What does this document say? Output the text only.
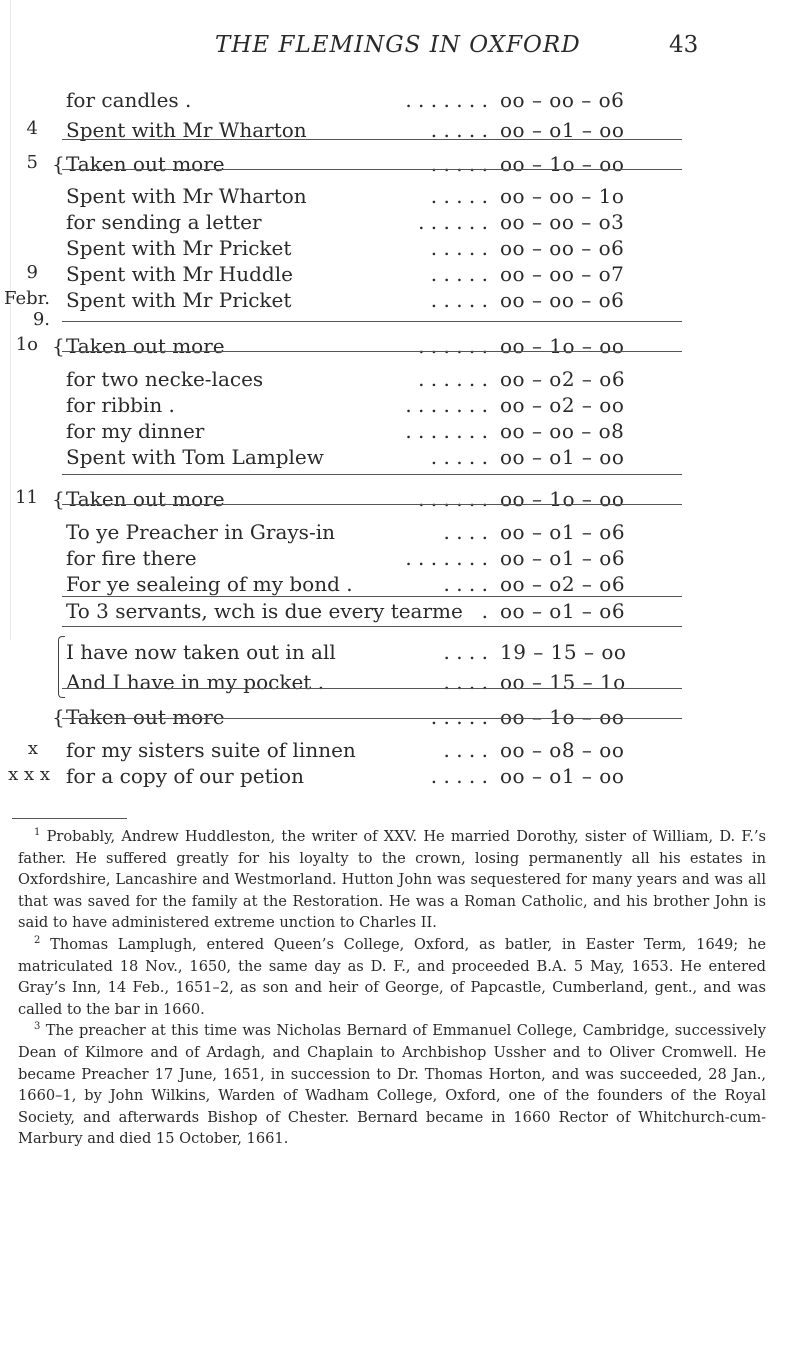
THE FLEMINGS IN OXFORD	43
for candles .	. . . . . . . oo – oo – o6
4 Spent with Mr Wharton	. . . . . oo – o1 – oo
5 { Taken out more	. . . . . oo – 1o – oo
Spent with Mr Wharton	. . . . . oo – oo – 1o
for sending a letter	. . . . . . oo – oo – o3
Spent with Mr Pricket	. . . . . oo – oo – o6
9 Spent with Mr Huddle	. . . . . oo – oo – o7
Febr. 9.
Spent with Mr Pricket	. . . . . oo – oo – o6
1o { Taken out more	. . . . . . oo – 1o – oo
for two necke-laces	. . . . . . oo – o2 – o6
for ribbin .	. . . . . . . oo – o2 – oo
for my dinner	. . . . . . . oo – oo – o8
Spent with Tom Lamplew	. . . . . oo – o1 – oo
11 { Taken out more	. . . . . . oo – 1o – oo
To ye Preacher in Grays-in	. . . . oo – o1 – o6
for fire there	. . . . . . . oo – o1 – o6
For ye sealeing of my bond .	. . . . oo – o2 – o6
To 3 servants, wch is due every tearme . oo – o1 – o6
I have now taken out in all	. . . . 19 – 15 – oo
And I have in my pocket .	. . . . oo – 15 – 1o
{ Taken out more	. . . . . oo – 1o – oo
x for my sisters suite of linnen	. . . . oo – o8 – oo
x x x for a copy of our petion	. . . . . oo – o1 – oo

$^1$ Probably, Andrew Huddleston, the writer of XXV. He married Dorothy, sister of William, D. F.’s father. He suffered greatly for his loyalty to the crown, losing permanently all his estates in Oxfordshire, Lancashire and Westmorland. Hutton John was sequestered for many years and was all that was saved for the family at the Restoration. He was a Roman Catholic, and his brother John is said to have administered extreme unction to Charles II.

$^2$ Thomas Lamplugh, entered Queen’s College, Oxford, as batler, in Easter Term, 1649; he matriculated 18 Nov., 1650, the same day as D. F., and proceeded B.A. 5 May, 1653. He entered Gray’s Inn, 14 Feb., 1651–2, as son and heir of George, of Papcastle, Cumberland, gent., and was called to the bar in 1660.

$^3$ The preacher at this time was Nicholas Bernard of Emmanuel College, Cambridge, successively Dean of Kilmore and of Ardagh, and Chaplain to Archbishop Ussher and to Oliver Cromwell. He became Preacher 17 June, 1651, in succession to Dr. Thomas Horton, and was succeeded, 28 Jan., 1660–1, by John Wilkins, Warden of Wadham College, Oxford, one of the founders of the Royal Society, and afterwards Bishop of Chester. Bernard became in 1660 Rector of Whitchurch-cum-Marbury and died 15 October, 1661.
